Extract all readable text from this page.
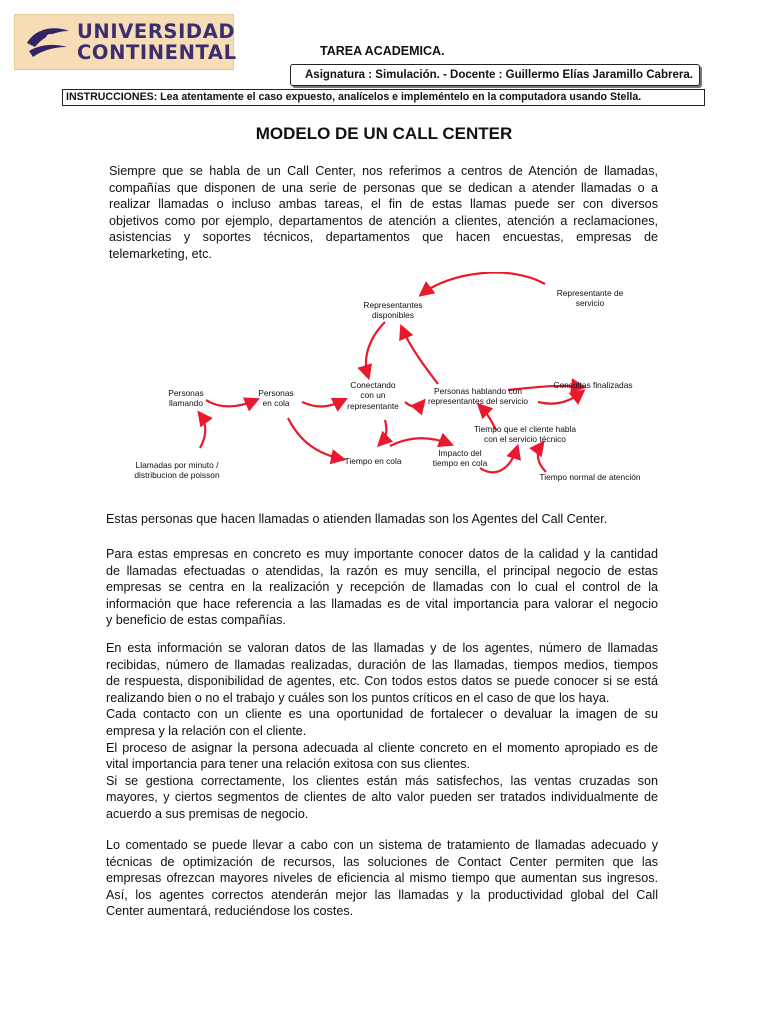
UNIVERSIDAD
CONTINENTAL	TAREA ACADEMICA.
Asignatura : Simulación. - Docente : Guillermo Elías Jaramillo Cabrera.
INSTRUCCIONES: Lea atentamente el caso expuesto, analícelos e impleméntelo en la computadora usando Stella.
MODELO DE UN CALL CENTER
Siempre que se habla de un Call Center, nos referimos a centros de Atención de llamadas,
compañías que disponen de una serie de personas que se dedican a atender llamadas o a
realizar llamadas o incluso ambas tareas, el fin de estas llamas puede ser con diversos
objetivos como por ejemplo, departamentos de atención a clientes, atención a reclamaciones,
asistencias y soportes técnicos, departamentos que hacen encuestas, empresas de
telemarketing, etc.
Representante de
servicio
Representantes
disponibles
Personas
llamando
Personas
en cola
Conectando
con un
representante
Personas hablando con
representantes del servicio
Consultas finalizadas
Tiempo que el cliente habla
con el servicio técnico
Llamadas por minuto /
distribucion de poisson
Tiempo en cola
Impacto del
tiempo en cola
Tiempo normal de atención

Estas personas que hacen llamadas o atienden llamadas son los Agentes del Call Center.

Para estas empresas en concreto es muy importante conocer datos de la calidad y la cantidad
de llamadas efectuadas o atendidas, la razón es muy sencilla, el principal negocio de estas
empresas se centra en la realización y recepción de llamadas con lo cual el control de la
información que hace referencia a las llamadas es de vital importancia para valorar el negocio
y beneficio de estas compañías.
En esta información se valoran datos de las llamadas y de los agentes, número de llamadas
recibidas, número de llamadas realizadas, duración de las llamadas, tiempos medios, tiempos
de respuesta, disponibilidad de agentes, etc. Con todos estos datos se puede conocer si se está
realizando bien o no el trabajo y cuáles son los puntos críticos en el caso de que los haya.
Cada contacto con un cliente es una oportunidad de fortalecer o devaluar la imagen de su
empresa y la relación con el cliente.
El proceso de asignar la persona adecuada al cliente concreto en el momento apropiado es de
vital importancia para tener una relación exitosa con sus clientes.
Si se gestiona correctamente, los clientes están más satisfechos, las ventas cruzadas son
mayores, y ciertos segmentos de clientes de alto valor pueden ser tratados individualmente de
acuerdo a sus premisas de negocio.
Lo comentado se puede llevar a cabo con un sistema de tratamiento de llamadas adecuado y
técnicas de optimización de recursos, las soluciones de Contact Center permiten que las
empresas ofrezcan mayores niveles de eficiencia al mismo tiempo que aumentan sus ingresos.
Así, los agentes correctos atenderán mejor las llamadas y la productividad global del Call
Center aumentará, reduciéndose los costes.
